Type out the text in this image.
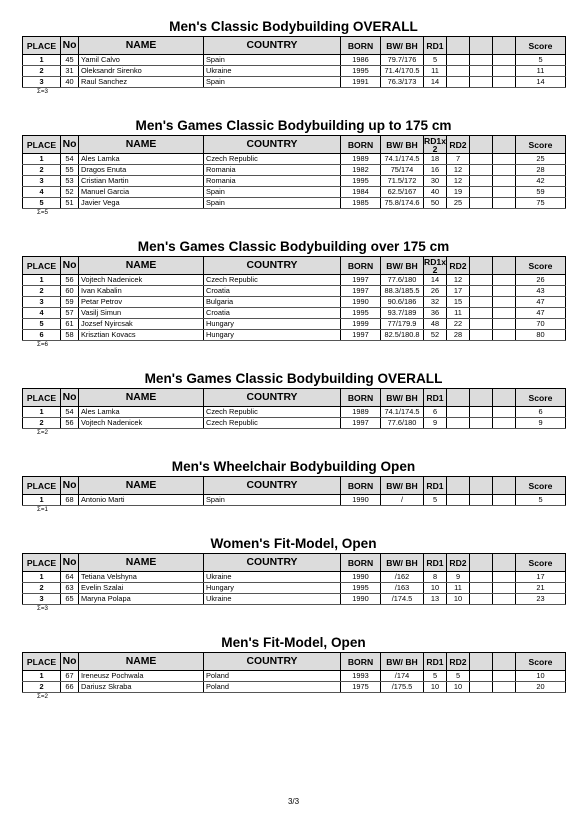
Men's Classic Bodybuilding OVERALL
PLACE	No	NAME	COUNTRY	BORN	BW/ BH	RD1				Score
1	45	Yamil Calvo	Spain	1986	79.7/176	5				5
2	31	Oleksandr Sirenko	Ukraine	1995	71.4/170.5	11				11
3	40	Raul Sanchez	Spain	1991	76.3/173	14				14
Σ=3
Men's Games Classic Bodybuilding up to 175 cm
PLACE	No	NAME	COUNTRY	BORN	BW/ BH	RD1x 2	RD2			Score
1	54	Ales Lamka	Czech Republic	1989	74.1/174.5	18	7			25
2	55	Dragos Enuta	Romania	1982	75/174	16	12			28
3	53	Cristian Martin	Romania	1995	71.5/172	30	12			42
4	52	Manuel Garcia	Spain	1984	62.5/167	40	19			59
5	51	Javier Vega	Spain	1985	75.8/174.6	50	25			75
Σ=5
Men's Games Classic Bodybuilding over 175 cm
PLACE	No	NAME	COUNTRY	BORN	BW/ BH	RD1x 2	RD2			Score
1	56	Vojtech Nadenicek	Czech Republic	1997	77.6/180	14	12			26
2	60	Ivan Kabalin	Croatia	1997	88.3/185.5	26	17			43
3	59	Petar Petrov	Bulgaria	1990	90.6/186	32	15			47
4	57	Vasilj Simun	Croatia	1995	93.7/189	36	11			47
5	61	Jozsef Nyircsak	Hungary	1999	77/179.9	48	22			70
6	58	Krisztian Kovacs	Hungary	1997	82.5/180.8	52	28			80
Σ=6
Men's Games Classic Bodybuilding OVERALL
PLACE	No	NAME	COUNTRY	BORN	BW/ BH	RD1				Score
1	54	Ales Lamka	Czech Republic	1989	74.1/174.5	6				6
2	56	Vojtech Nadenicek	Czech Republic	1997	77.6/180	9				9
Σ=2
Men's Wheelchair Bodybuilding Open
PLACE	No	NAME	COUNTRY	BORN	BW/ BH	RD1				Score
1	68	Antonio Marti	Spain	1990	/	5				5
Σ=1
Women's Fit-Model, Open
PLACE	No	NAME	COUNTRY	BORN	BW/ BH	RD1	RD2			Score
1	64	Tetiana Velshyna	Ukraine	1990	/162	8	9			17
2	63	Evelin Szalai	Hungary	1995	/163	10	11			21
3	65	Maryna Polapa	Ukraine	1990	/174.5	13	10			23
Σ=3
Men's Fit-Model, Open
PLACE	No	NAME	COUNTRY	BORN	BW/ BH	RD1	RD2			Score
1	67	Ireneusz Pochwala	Poland	1993	/174	5	5			10
2	66	Dariusz Skraba	Poland	1975	/175.5	10	10			20
Σ=2
3/3
